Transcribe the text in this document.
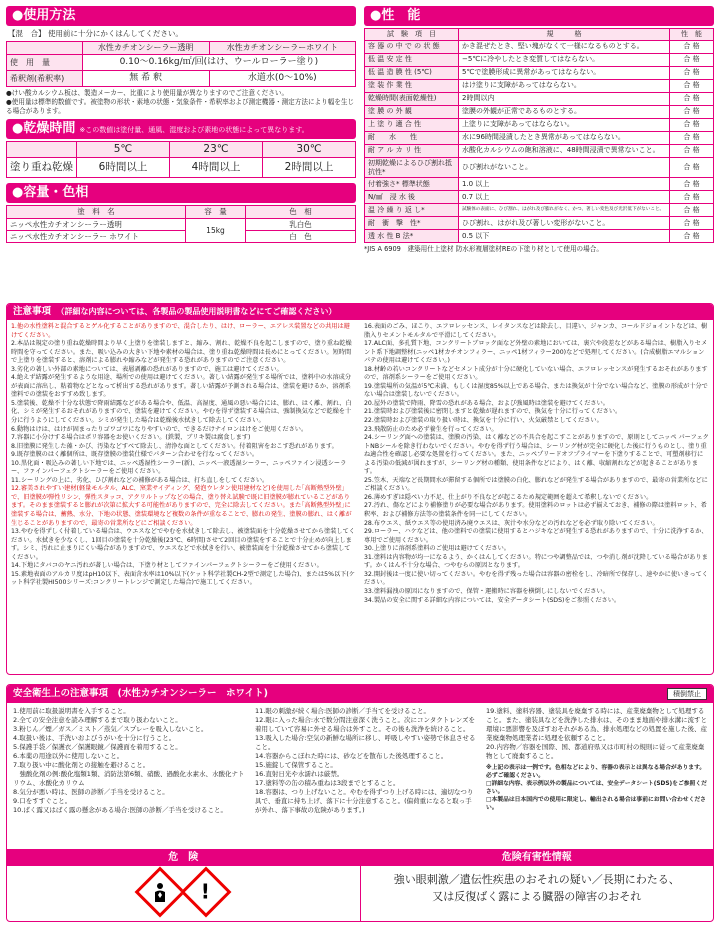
●使用方法
【混　合】 使用前に十分にかくはんしてください。
	水性カチオンシーラー透明	水性カチオンシーラーホワイト
使　用　量	0.10～0.16kg/㎡/回(はけ、ウールローラー塗り)	
希釈剤(希釈率)	無 希 釈	水道水(0～10%)

●けい酸カルシウム板は、製造メーカー、比重により使用量が異なりますのでご注意ください。

●使用量は標準的数値です。被塗物の形状・素地の状態・気象条件・希釈率および測定機器・測定方法により幅を生じる場合があります。

●乾燥時間 ※この数値は塗付量、通風、湿度および素地の状態によって異なります。
	5℃	23℃	30℃
塗り重ね乾燥	6時間以上	4時間以上	2時間以上
●容量・色相
塗　料　名	容　量	色　相
ニッペ水性カチオンシーラー透明	15kg	乳白色
ニッペ水性カチオンシーラー ホワイト		白　色
●性　能
試　験　項　目	規　　　格	性　能
容 器 の 中 で の 状 態	かき混ぜたとき、堅い塊がなくて一様になるものとする。	合 格
低 温 安 定 性	−5℃に冷やしたとき変質してはならない。	合 格
低 温 造 膜 性 (5℃)	5℃で塗膜形成に異常があってはならない。	合 格
塗 装 作 業 性	はけ塗りに支障があってはならない。	合 格
乾燥時間(表面乾燥性)	2時間以内	合 格
塗 膜 の 外 観	塗膜の外観が正常であるものとする。	合 格
上 塗 り 適 合 性	上塗りに支障があってはならない。	合 格
耐　　水　　性	水に96時間浸漬したとき異常があってはならない。	合 格
耐 ア ル カ リ 性	水酸化カルシウムの飽和溶液に、48時間浸漬で異常ないこと。	合 格
初期乾燥によるひび割れ抵抗性*	ひび割れがないこと。	合 格
付着強さ* 標準状態	1.0 以上	合 格
N/㎟　浸 水 後	0.7 以上	合 格
温 冷 繰 り 返 し*	試験体の表面に、ひび割れ、はがれ及び膨れがなく、かつ、著しい変色及び光沢低下がないこと。	合 格
耐　衝　撃　性*	ひび割れ、はがれ及び著しい変形がないこと。	合 格
透 水 性 B 法*	0.5 以下	合 格

*JIS A 6909　建築用仕上塗材 防水形複層塗材REの下塗り材として使用の場合。

注意事項　 （詳細な内容については、各製品の製品使用説明書などにてご確認ください）

1.他の水性塗料と混合するとゲル化することがありますので、混合したり、はけ、ローラー、エアレス装置などの共用は避けてください。

2.本品は規定の塗り重ね乾燥時間より早く上塗りを塗装しますと、縮み、割れ、乾燥不良を起こしますので、塗り重ね乾燥時間を守ってください。また、吸い込みの大きい下地や素材の場合は、塗り重ね乾燥時間は長めにとってください。短時間で上塗りを塗装すると、溶剤による膨れや縮みなどが発生する恐れがありますのでご注意ください。

3.劣化の著しい外部の素地については、表層剥離の恐れがありますので、施工は避けてください。

4.絶えず結露が発生するような用途、場所での使用は避けてください。著しい結露が発生する場所では、塗料中の水溶成分が表面に溶出し、粘着物などとなって析出する恐れがあります。著しい結露が予測される場合は、塗装を避けるか、溶剤系塗料での塗装をおすすめ致します。

5.塗装後、乾燥不十分な状態で降雨結露などがある場合や、低温、高湿度、通風の悪い場合には、膨れ、はく離、割れ、白化、シミが発生するおそれがありますので、塗装を避けてください。やむを得ず塗装する場合は、強制換気などで乾燥を十分に行うようにしてください。シミが発生した場合は乾燥後水拭きして除去してください。

6.動物はけは、はけが固まったりゴワゴワになりやすいので、できるだけナイロンはけをご使用ください。

7.容器に小分けする場合はポリ容器をお使いください。(鉄製、ブリキ製は腐食します)

8.旧塗膜に発生した藻・かび、汚染などすべて除去し、清浄な面としてください。付着阻害をおこす恐れがあります。

9.既存塗膜のはく離個所は、既存塗膜の塗装仕様でパターン合わせを行なってください。

10.黒化面・吸込みの著しい下地では、ニッペ透湿性シーラー(新)、ニッペ一液透湿シーラー、ニッペファイン浸透シーラー、ファインパーフェクトシーラーをご使用ください。

11.シーリングの上に、劣化、ひび割れなどの補修がある場合は、打ち直しをしてください。

12.審美されやすい建材(軽量モルタル、ALC、窯業サイディング、発泡ウレタン使用建材など)を使用した｢高断熱型外壁｣で、旧塗膜が弾性リシン、弾性スタッコ、アクリルトップなどの場合、塗り替え試験で既に旧塗膜が膨れているこどがあります。そのまま塗装すると膨れが次第に拡大する可能性がありますので、完全に除去してください。また｢高断熱型外壁｣に塗装する場合は、蓄熱、水分、下地の状態、塗装環境など複数の条件が重なることで、膨れの発生、塗膜の膨れ、はく離が生じることがありますので、最寄の営業所などにご相談ください。

13.やむを得ずしく付着している場合は、ウエスなどでやむを水拭きして除去し、被塗装面を十分乾燥させてから塗装してください。水拭きを少なくし、1回目の塗装を十分乾燥後(23℃、6時間)させて2回目の塗装をすることで十分止めが向上します。シミ、汚れに止まりにくい場合がありますので、ウエスなどで水拭きを行い、被塗装面を十分乾燥させてから塗装してください。

14.下地にタバコのヤニ汚れが著しい場合は、下塗り材としてファインパーフェクトシーラーをご使用ください。

15.素地表面のアルカリ度はpH10以下、表面含水率は10%以下(ケット科学社製CH-2型で測定した場合)、または5%以下(ケット科学社製HI500シリーズ:コンクリートレンジで測定した場合)で施工してください。

16.表面のごみ、ほこり、エフロレッセンス、レイタンスなどは除去し、目違い、ジャンカ、コールドジョイントなどは、樹脂入りセメントモルタルで平滑にしてください。

17.ALC面、多孔質下地、コンクリートブロック面など外壁の素地においては、裏穴や段差などがある場合は、樹脂入りセメント系下地調整材(ニッペ1材カチオンフィラー、ニッペ1材フィラー200)などで処理してください。(合成樹脂エマルションパテの使用は避けてください。)

18.材齢の若いコンクリートなどセメント成分が十分に硬化していない場合、エフロレッセンスが発生するおそれがありますので、溶剤系シーラーをご使用ください。

19.塗装場所の気温が5℃未満、もしくは湿度85%以上である場合、または換気が十分でない場合など、塗膜の形成が十分でない場合は塗装しないでください。

20.屋外の塗装で降雨、降雪の恐れがある場合、および強風時は塗装を避けてください。

21.塗装時および塗装後に密閉しますと乾燥が遅れますので、換気を十分に行ってください。

22.塗装時および塗装の取り扱い時は、換気を十分に行い、火気厳禁としてください。

23.飛散防止のため必ず養生を行ってください。

24.シーリング面への塗装は、塗膜の汚染、はく離などの不具合を起こすことがありますので、原則としてニッペ パーフェクトNBシールを除き行わないでください。やむを得ず行う場合は、シーリング材が完全に硬化した後に行うものとし、塗り重ね適合性を確認し必要な処置を行ってください。また、ニッペプリードオフプライマーを下塗りすることで、可塑剤移行による汚染の低減が図れますが、シーリング材の種類、使用条件などにより、はく離、収縮割れなどが起きることがあります。

25.笠木、天端など長期間水が滞留する個所では塗膜の白化、膨れなどが発生する場合がありますので、最寄の営業所などにご相談ください。

26.薄めすぎは隠ぺい力不足、仕上がり不良などが起こるため規定範囲を超えて希釈しないでください。

27.汚れ、傷などにより補修塗りが必要な場合があります。使用塗料のロットは必ず揃えておき、補修の際は塗料ロット、希釈率、および補修方法等の塗装条件を同一にしてください。

28.布ウエス、紙ウエス等の使用済み廃ウエスは、灰汁や水分などの汚れなどを必ず取り除いてください。

29.ローラー、ハケなどは、他の塗料での塗装に使用するとハジキなどが発生する恐れがありますので、十分に洗浄するか、専用でご使用ください。

30.上塗りに溶剤系塗料のご使用は避けてください。

31.塗料は内容物が均一になるよう、かくはんしてください。特につや調整品では、つや消し剤が沈降している場合があります。かくはん不十分な場合、つやむらの原因となります。

32.開封後は一度に使い切ってください。やむを得ず残った場合は容器の密栓をし、冷暗所で保存し、速やかに使いきってください。

33.塗料漏洩の原因になりますので、保管・運搬時に容器を横倒しにしないでください。

34.製品の安全に関する詳細な内容については、安全データシート(SDS)をご参照ください。

安全衛生上の注意事項　 (水性カチオンシーラー　ホワイト)	積倒禁止

1.使用前に取扱説明書を入手すること。

2.全ての安全注意を読み理解するまで取り扱わないこと。

3.粉じん／煙／ガス／ミスト／蒸気／スプレーを吸入しないこと。

4.取扱い後は、手洗いおよびうがいを十分に行うこと。

5.保護手袋／保護衣／保護眼鏡／保護面を着用すること。

6.本薬の用途以外に使用しないこと。

7.取り扱い中に酸化剤との接触を避けること。

　強酸化剤の例:酸化塩類1類、消防法第6類、硝酸、過酸化水素水、水酸化ナトリウム、水酸化カリウム

8.気分が悪い時は、医師の診断／手当を受けること。

9.口をすすぐこと。

10.ばく露又はばく露の懸念がある場合:医師の診断／手当を受けること。

11.眼の刺激が続く場合:医師の診断／手当てを受けること。

12.眼に入った場合:水で数分間注意深く洗うこと。次にコンタクトレンズを着用していて容易に外せる場合は外すこと。その後も洗浄を続けること。

13.吸入した場合:空気の新鮮な場所に移し、呼吸しやすい姿勢で休息させること。

14.容器からこぼれた時には、砂などを散布した後処理すること。

15.施錠して保管すること。

16.直射日光や水濡れは厳禁。

17.塗料等の缶の積み重ねは3段までとすること。

18.容器は、つり上げないこと。やむを得ずつり上げる時には、適切なつり具で、垂直に持ち上げ、落下に十分注意すること。(偏荷重になると取っ手が外れ、落下事故の危険があります。)

19.塗料、塗料容器、塗装具を廃棄する時には、産業廃棄物として処理すること。また、塗装具などを洗浄した排水は、そのまま地面や排水溝に流すと環境に悪影響を及ぼすおそれがある為、排水処理などの処置を施した後、産業廃棄物処理業者に処理を依頼すること。

20.内容物／容器を国際、国、都道府県又は市町村の規則に従って産業廃棄物として廃棄すること。

※上記の表示は一例です。色相などにより、容器の表示とは異なる場合があります。必ずご確認ください。

□詳細な内容、表示例以外の製品については、安全データシート(SDS)をご参照ください。

□本製品は日本国内での使用に限定し、輸出される場合は事前にお問い合わせください。

危　険
!
危険有害性情報
強い眼刺激／遺伝性疾患のおそれの疑い／長期にわたる、
又は反復ばく露による臓器の障害のおそれ
